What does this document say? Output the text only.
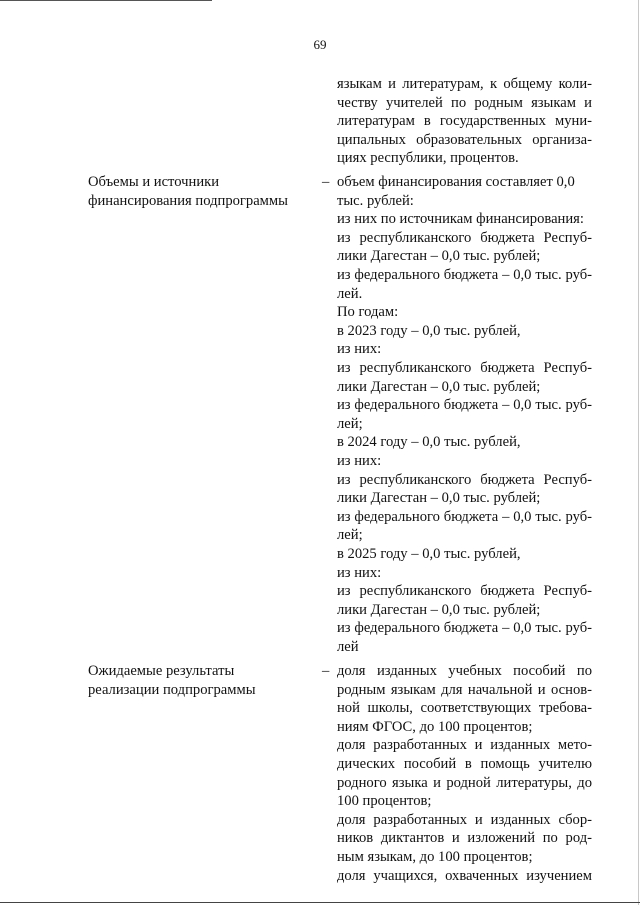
69
языкам и литературам, к общему коли-
честву учителей по родным языкам и
литературам в государственных муни-
ципальных образовательных организа-
циях республики, процентов.
Объемы и источники
финансирования подпрограммы
– объем финансирования составляет 0,0
тыс. рублей:
из них по источникам финансирования:
из республиканского бюджета Респуб-
лики Дагестан – 0,0 тыс. рублей;
из федерального бюджета – 0,0 тыс. руб-
лей.
По годам:
в 2023 году – 0,0 тыс. рублей,
из них:
из республиканского бюджета Респуб-
лики Дагестан – 0,0 тыс. рублей;
из федерального бюджета – 0,0 тыс. руб-
лей;
в 2024 году – 0,0 тыс. рублей,
из них:
из республиканского бюджета Респуб-
лики Дагестан – 0,0 тыс. рублей;
из федерального бюджета – 0,0 тыс. руб-
лей;
в 2025 году – 0,0 тыс. рублей,
из них:
из республиканского бюджета Респуб-
лики Дагестан – 0,0 тыс. рублей;
из федерального бюджета – 0,0 тыс. руб-
лей
Ожидаемые результаты
реализации подпрограммы
– доля изданных учебных пособий по
родным языкам для начальной и основ-
ной школы, соответствующих требова-
ниям ФГОС, до 100 процентов;
доля разработанных и изданных мето-
дических пособий в помощь учителю
родного языка и родной литературы, до
100 процентов;
доля разработанных и изданных сбор-
ников диктантов и изложений по род-
ным языкам, до 100 процентов;
доля учащихся, охваченных изучением
